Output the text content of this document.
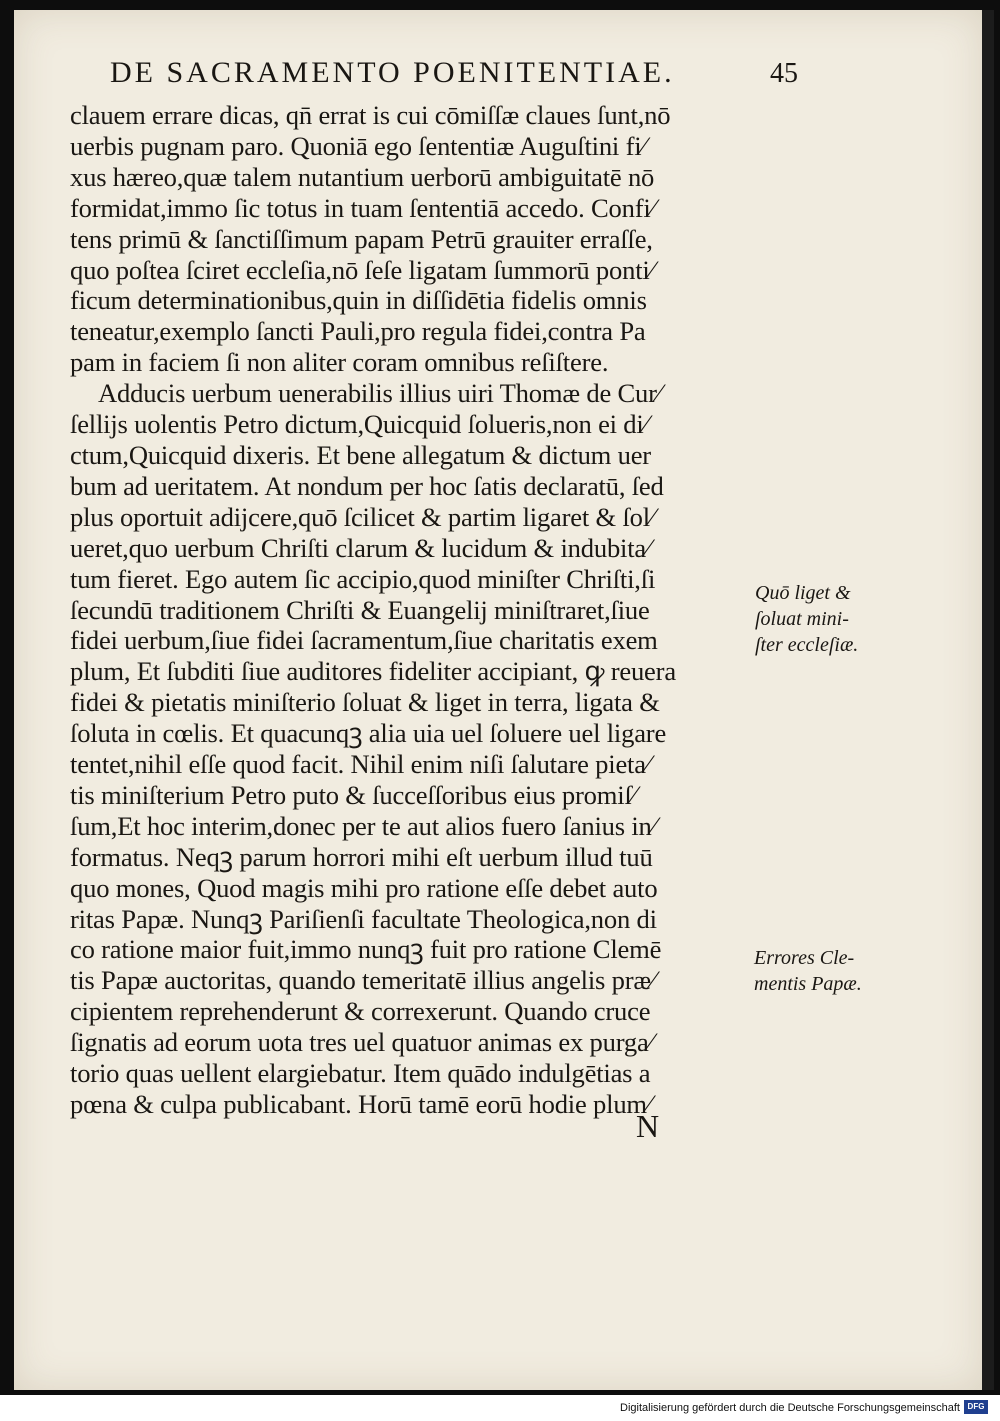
DE SACRAMENTO POENITENTIAE.	45
clauem errare dicas, qn̄ errat is cui cōmiſſæ claues ſunt,nō
uerbis pugnam paro. Quoniā ego ſententiæ Auguſtini fi⁄
xus hæreo,quæ talem nutantium uerborū ambiguitatē nō
formidat,immo ſic totus in tuam ſententiā accedo. Confi⁄
tens primū & ſanctiſſimum papam Petrū grauiter erraſſe,
quo poſtea ſciret eccleſia,nō ſeſe ligatam ſummorū ponti⁄
ficum determinationibus,quin in diſſidētia fidelis omnis
teneatur,exemplo ſancti Pauli,pro regula fidei,contra Pa
pam in faciem ſi non aliter coram omnibus reſiſtere.
Adducis uerbum uenerabilis illius uiri Thomæ de Cur⁄
ſellijs uolentis Petro dictum,Quicquid ſolueris,non ei di⁄
ctum,Quicquid dixeris. Et bene allegatum & dictum uer
bum ad ueritatem. At nondum per hoc ſatis declaratū, ſed
plus oportuit adijcere,quō ſcilicet & partim ligaret & ſol⁄
ueret,quo uerbum Chriſti clarum & lucidum & indubita⁄
tum fieret. Ego autem ſic accipio,quod miniſter Chriſti,ſi
ſecundū traditionem Chriſti & Euangelij miniſtraret,ſiue
fidei uerbum,ſiue fidei ſacramentum,ſiue charitatis exem
plum, Et ſubditi ſiue auditores fideliter accipiant, ꝙ reuera
fidei & pietatis miniſterio ſoluat & liget in terra, ligata &
ſoluta in cœlis. Et quacunqꝫ alia uia uel ſoluere uel ligare
tentet,nihil eſſe quod facit. Nihil enim niſi ſalutare pieta⁄
tis miniſterium Petro puto & ſucceſſoribus eius promiſ⁄
ſum,Et hoc interim,donec per te aut alios fuero ſanius in⁄
formatus. Neqꝫ parum horrori mihi eſt uerbum illud tuū
quo mones, Quod magis mihi pro ratione eſſe debet auto
ritas Papæ. Nunqꝫ Pariſienſi facultate Theologica,non di
co ratione maior fuit,immo nunqꝫ fuit pro ratione Clemē
tis Papæ auctoritas, quando temeritatē illius angelis præ⁄
cipientem reprehenderunt & correxerunt. Quando cruce
ſignatis ad eorum uota tres uel quatuor animas ex purga⁄
torio quas uellent elargiebatur. Item quādo indulgētias a
pœna & culpa publicabant. Horū tamē eorū hodie plum⁄
Quō liget &
ſoluat mini-
ſter eccleſiæ.
Errores Cle-
mentis Papæ.
N
Digitalisierung gefördert durch die Deutsche Forschungsgemeinschaft DFG
